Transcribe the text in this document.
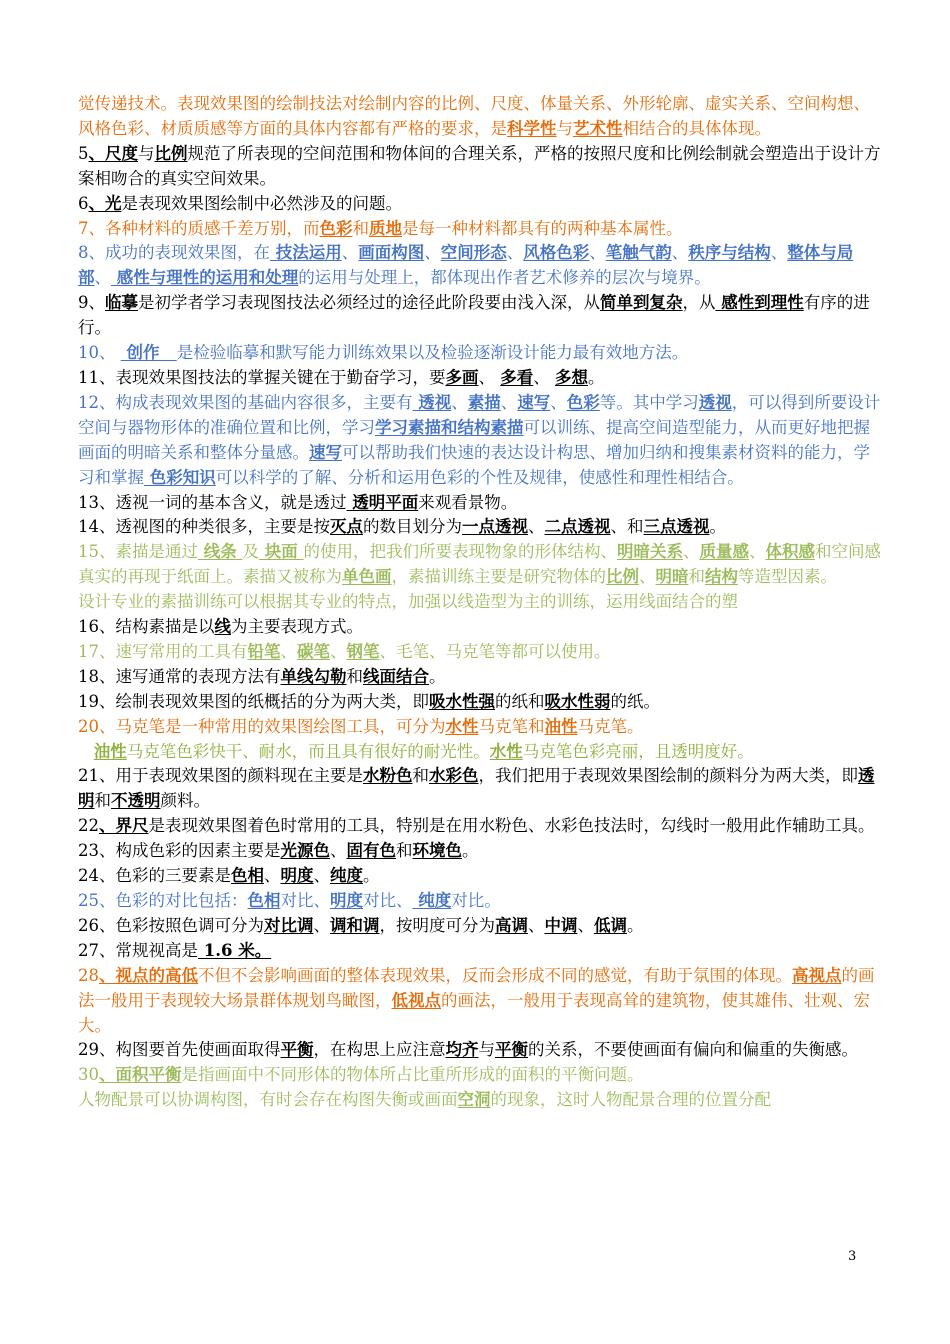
觉传递技术。表现效果图的绘制技法对绘制内容的比例、尺度、体量关系、外形轮廓、虚实关系、空间构想、风格色彩、材质质感等方面的具体内容都有严格的要求，是科学性与艺术性相结合的具体体现。
5、尺度与比例规范了所表现的空间范围和物体间的合理关系，严格的按照尺度和比例绘制就会塑造出于设计方案相吻合的真实空间效果。
6、光是表现效果图绘制中必然涉及的问题。
7、各种材料的质感千差万别，而色彩和质地是每一种材料都具有的两种基本属性。
8、成功的表现效果图，在 技法运用、画面构图、空间形态、风格色彩、笔触气韵、秩序与结构、整体与局部、 感性与理性的运用和处理的运用与处理上，都体现出作者艺术修养的层次与境界。
9、临摹是初学者学习表现图技法必须经过的途径此阶段要由浅入深，从简单到复杂，从 感性到理性有序的进行。
10、  创作   是检验临摹和默写能力训练效果以及检验逐渐设计能力最有效地方法。
11、表现效果图技法的掌握关键在于勤奋学习，要多画、 多看、 多想。
12、构成表现效果图的基础内容很多，主要有 透视、素描、速写、色彩等。其中学习透视，可以得到所要设计空间与器物形体的准确位置和比例，学习学习素描和结构素描可以训练、提高空间造型能力，从而更好地把握画面的明暗关系和整体分量感。速写可以帮助我们快速的表达设计构思、增加归纳和搜集素材资料的能力，学习和掌握 色彩知识可以科学的了解、分析和运用色彩的个性及规律，使感性和理性相结合。
13、透视一词的基本含义，就是透过 透明平面来观看景物。
14、透视图的种类很多，主要是按灭点的数目划分为一点透视、二点透视、和三点透视。
15、素描是通过 线条 及 块面 的使用，把我们所要表现物象的形体结构、明暗关系、质量感、体积感和空间感真实的再现于纸面上。素描又被称为单色画，素描训练主要是研究物体的比例、明暗和结构等造型因素。
设计专业的素描训练可以根据其专业的特点，加强以线造型为主的训练，运用线面结合的塑
16、结构素描是以线为主要表现方式。
17、速写常用的工具有铅笔、碳笔、钢笔、毛笔、马克笔等都可以使用。
18、速写通常的表现方法有单线勾勒和线面结合。
19、绘制表现效果图的纸概括的分为两大类，即吸水性强的纸和吸水性弱的纸。
20、马克笔是一种常用的效果图绘图工具，可分为水性马克笔和油性马克笔。
油性马克笔色彩快干、耐水，而且具有很好的耐光性。水性马克笔色彩亮丽，且透明度好。
21、用于表现效果图的颜料现在主要是水粉色和水彩色，我们把用于表现效果图绘制的颜料分为两大类，即透明和不透明颜料。
22、界尺是表现效果图着色时常用的工具，特别是在用水粉色、水彩色技法时，勾线时一般用此作辅助工具。
23、构成色彩的因素主要是光源色、固有色和环境色。
24、色彩的三要素是色相、明度、纯度。
25、色彩的对比包括：色相对比、明度对比、 纯度对比。
26、色彩按照色调可分为对比调、调和调，按明度可分为高调、中调、低调。
27、常规视高是 1.6 米。
28、视点的高低不但不会影响画面的整体表现效果，反而会形成不同的感觉，有助于氛围的体现。高视点的画法一般用于表现较大场景群体规划鸟瞰图，低视点的画法，一般用于表现高耸的建筑物，使其雄伟、壮观、宏大。
29、构图要首先使画面取得平衡，在构思上应注意均齐与平衡的关系，不要使画面有偏向和偏重的失衡感。
30、面积平衡是指画面中不同形体的物体所占比重所形成的面积的平衡问题。
人物配景可以协调构图，有时会存在构图失衡或画面空洞的现象，这时人物配景合理的位置分配
3
